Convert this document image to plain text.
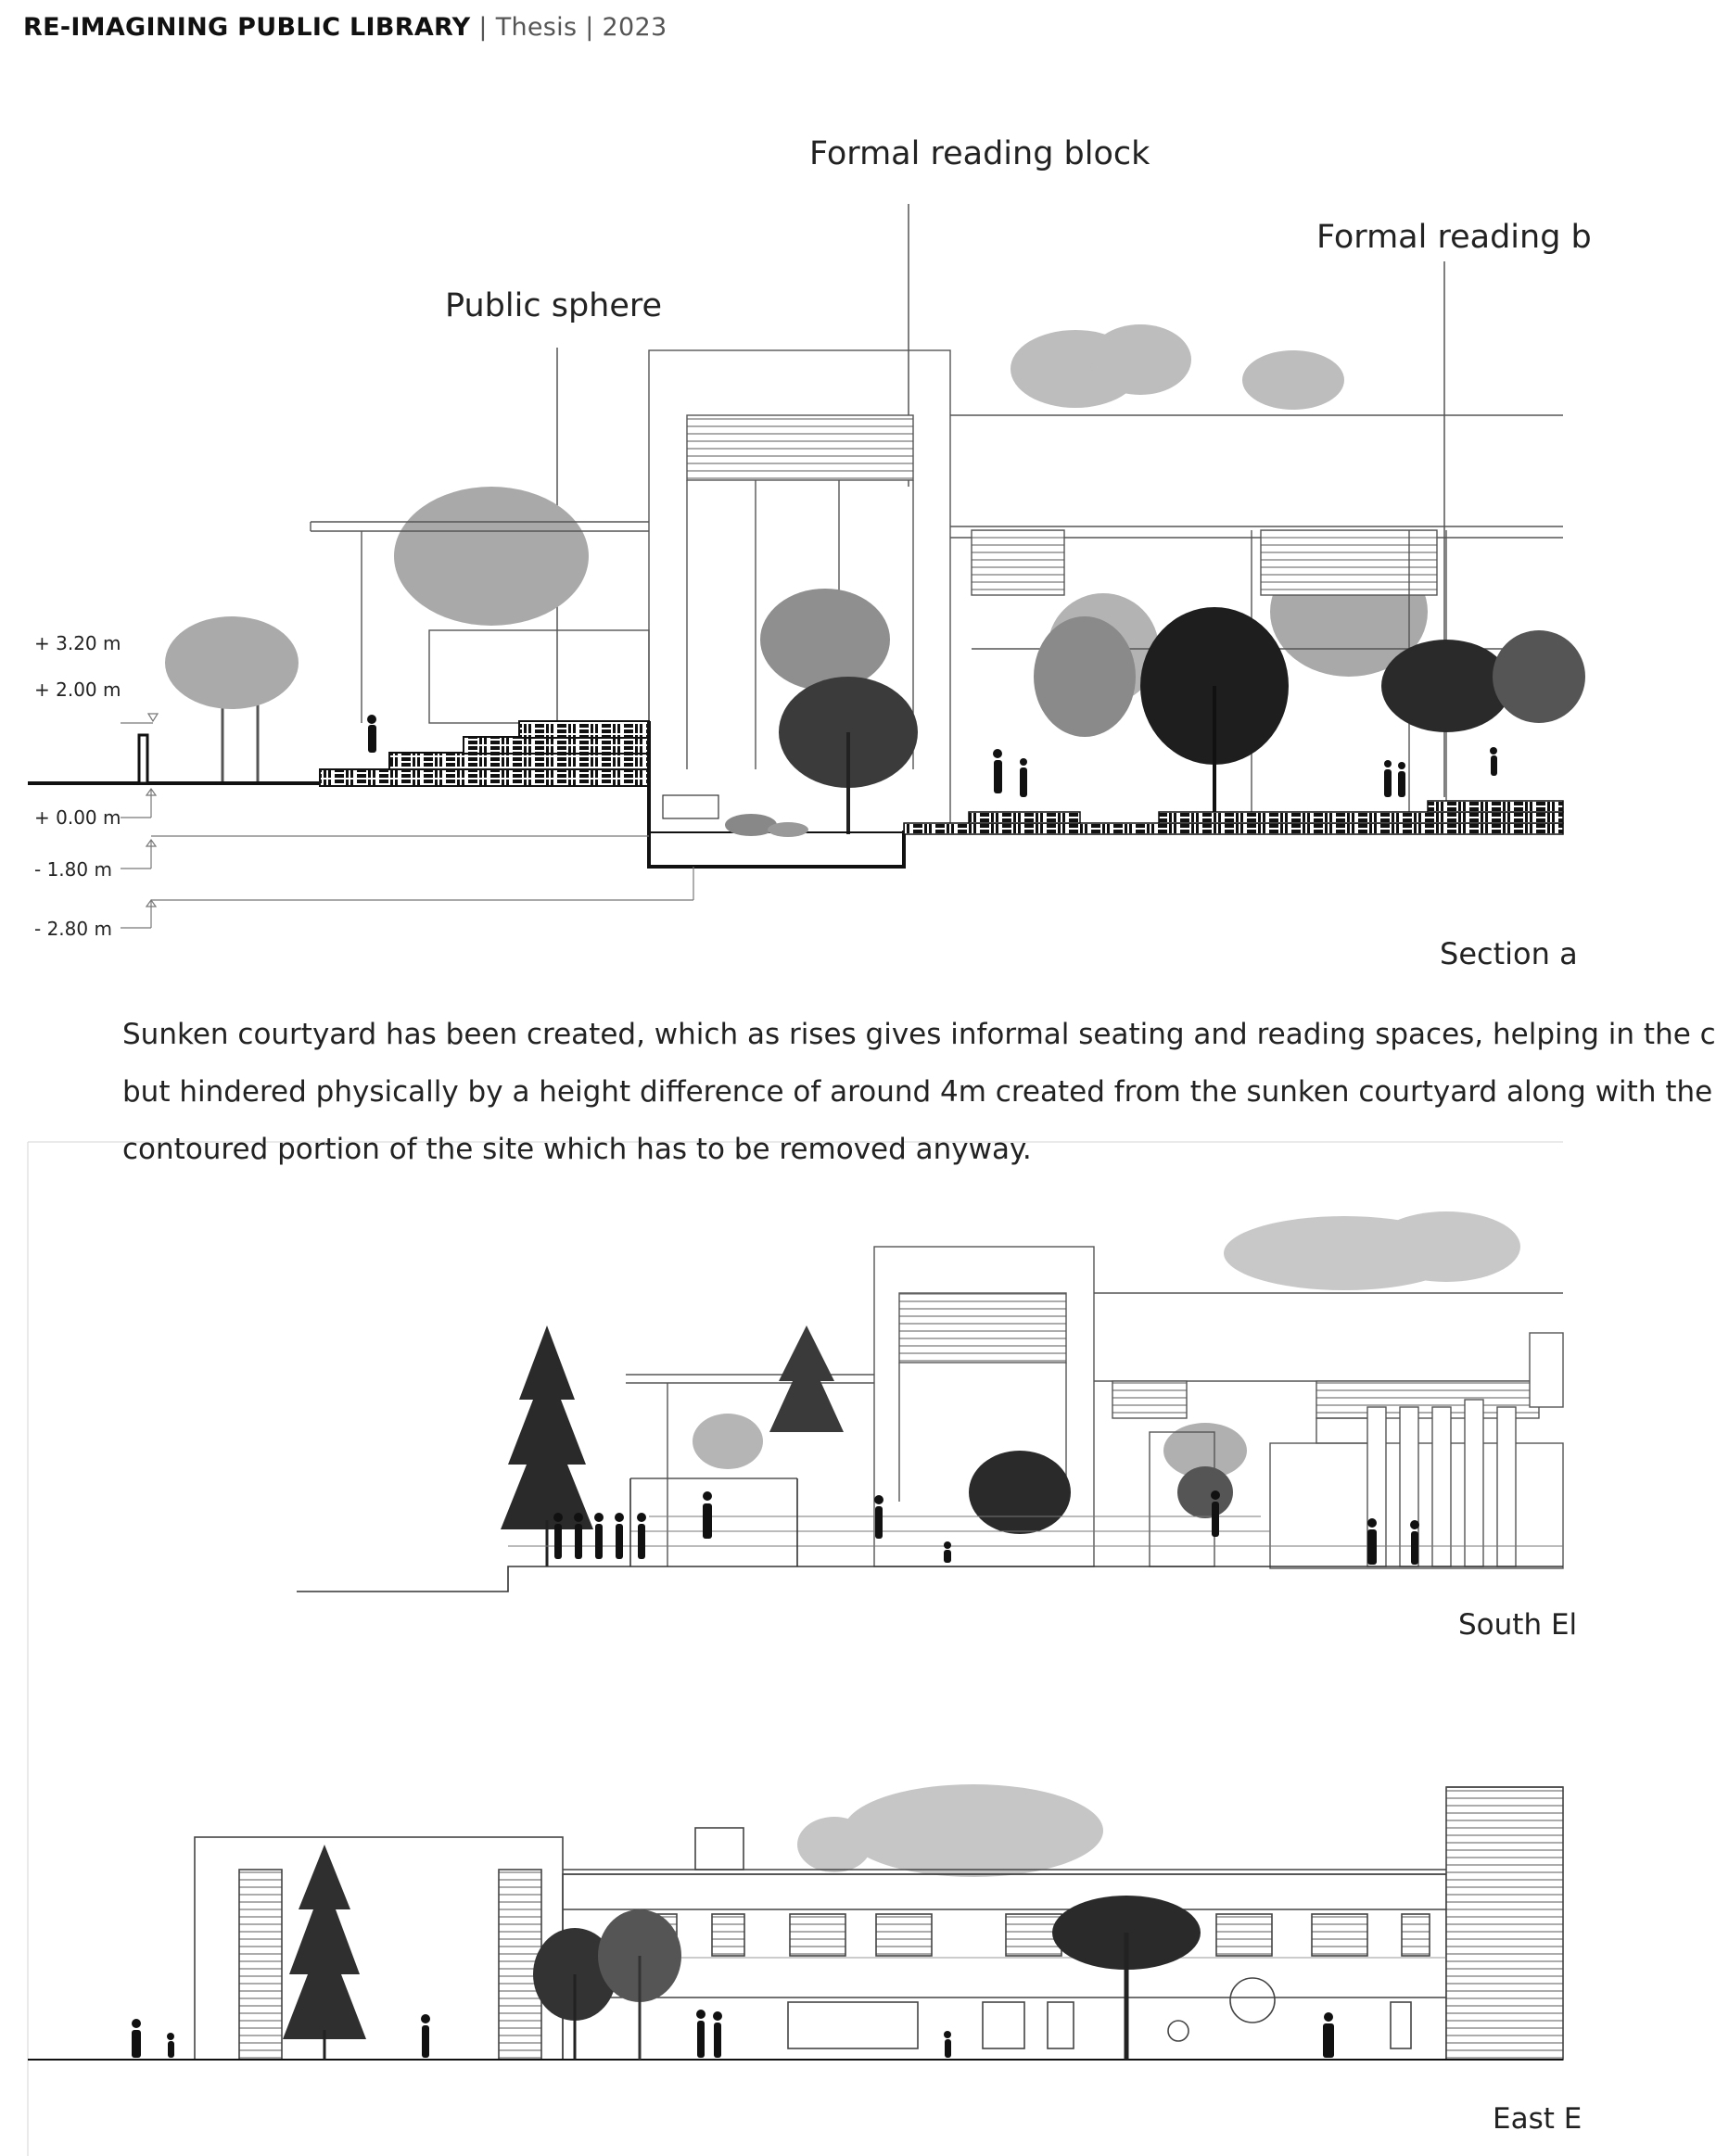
RE-IMAGINING PUBLIC LIBRARY | Thesis | 2023
Formal reading block
Formal reading b
Public sphere
+ 3.20 m
+ 2.00 m
+ 0.00 m
- 1.80 m
- 2.80 m
Section a
Sunken courtyard has been created, which as rises gives informal seating and reading spaces, helping in the c
but hindered physically by a height difference of around 4m created from the sunken courtyard along with the
contoured portion of the site which has to be removed anyway.
South El
East E
